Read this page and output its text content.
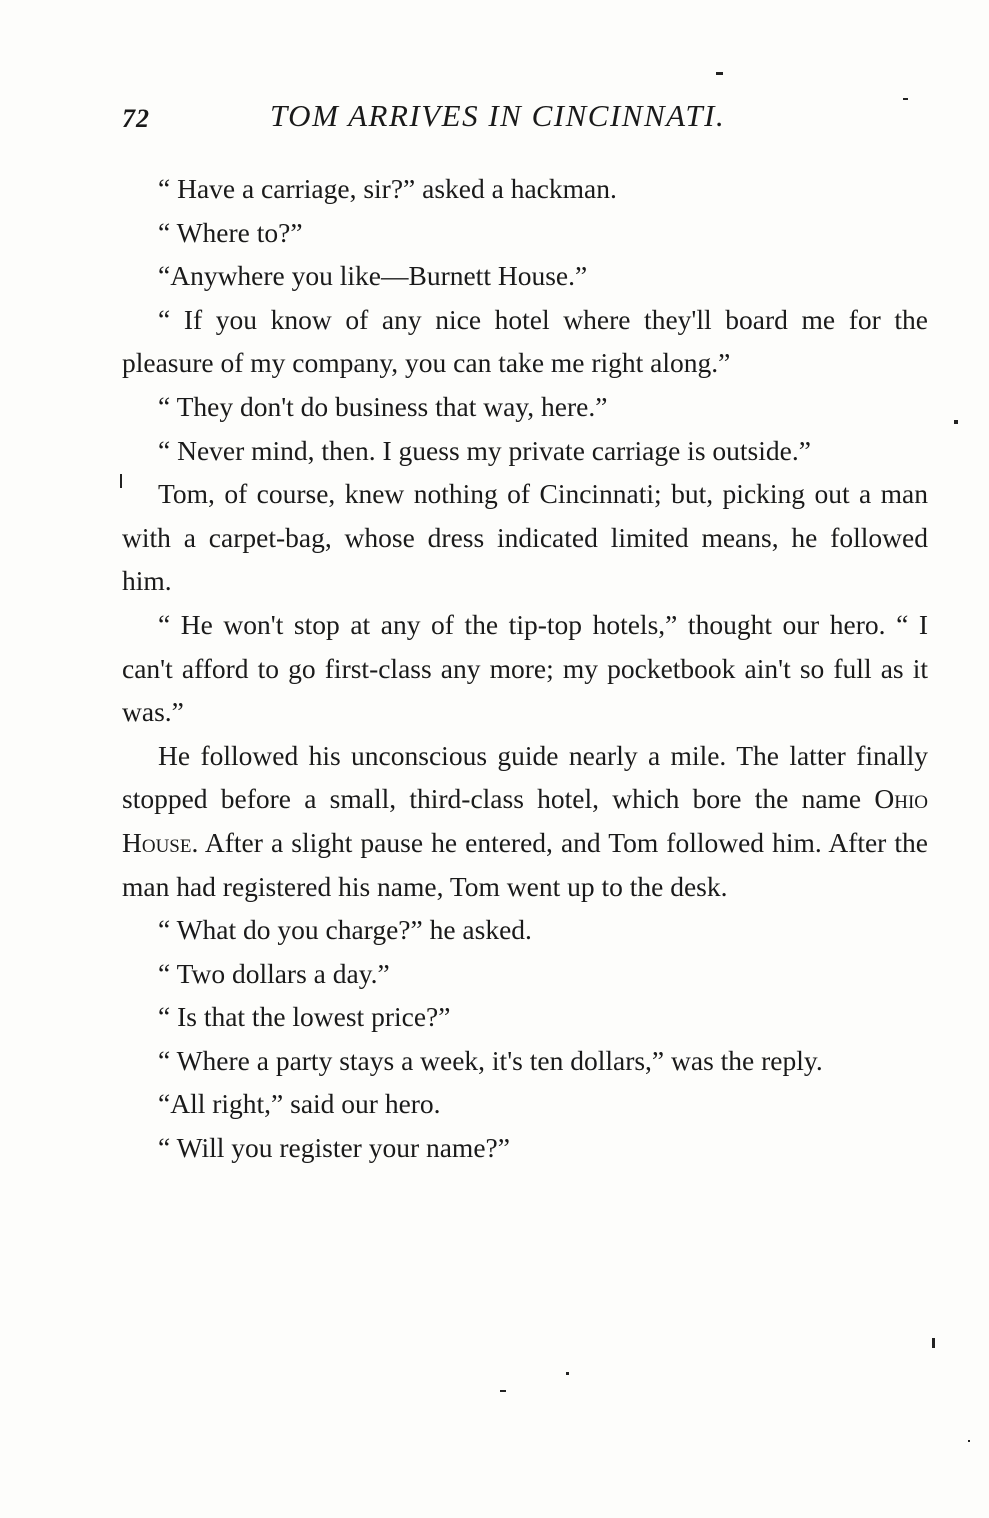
72	TOM ARRIVES IN CINCINNATI.

“ Have a carriage, sir?” asked a hackman.

“ Where to?”

“Anywhere you like—Burnett House.”

“ If you know of any nice hotel where they'll board me for the pleasure of my company, you can take me right along.”

“ They don't do business that way, here.”

“ Never mind, then. I guess my private carriage is outside.”

Tom, of course, knew nothing of Cincinnati; but, picking out a man with a carpet-bag, whose dress indicated limited means, he followed him.

“ He won't stop at any of the tip-top hotels,” thought our hero. “ I can't afford to go first-class any more; my pocketbook ain't so full as it was.”

He followed his unconscious guide nearly a mile. The latter finally stopped before a small, third-class hotel, which bore the name Ohio House. After a slight pause he entered, and Tom followed him. After the man had registered his name, Tom went up to the desk.

“ What do you charge?” he asked.

“ Two dollars a day.”

“ Is that the lowest price?”

“ Where a party stays a week, it's ten dollars,” was the reply.

“All right,” said our hero.

“ Will you register your name?”
